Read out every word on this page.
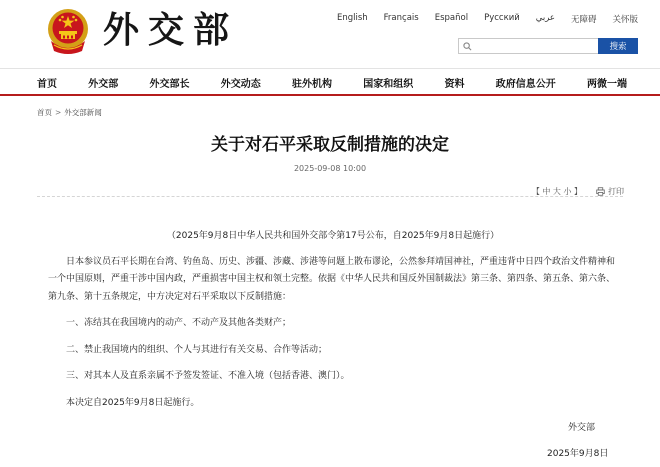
外交部	English Français Español Русский عربي 无障碍 关怀版
搜索
首页	外交部	外交部长	外交动态	驻外机构	国家和组织	资料	政府信息公开	两微一端
首页 > 外交部新闻
关于对石平采取反制措施的决定
2025-09-08 10:00
【 中 大 小 】	打印

（2025年9月8日中华人民共和国外交部令第17号公布，自2025年9月8日起施行）

日本参议员石平长期在台湾、钓鱼岛、历史、涉疆、涉藏、涉港等问题上散布谬论，公然参拜靖国神社，严重违背中日四个政治文件精神和一个中国原则，严重干涉中国内政，严重损害中国主权和领土完整。依据《中华人民共和国反外国制裁法》第三条、第四条、第五条、第六条、第九条、第十五条规定，中方决定对石平采取以下反制措施：

一、冻结其在我国境内的动产、不动产及其他各类财产；

二、禁止我国境内的组织、个人与其进行有关交易、合作等活动；

三、对其本人及直系亲属不予签发签证、不准入境（包括香港、澳门）。

本决定自2025年9月8日起施行。

外交部
2025年9月8日
